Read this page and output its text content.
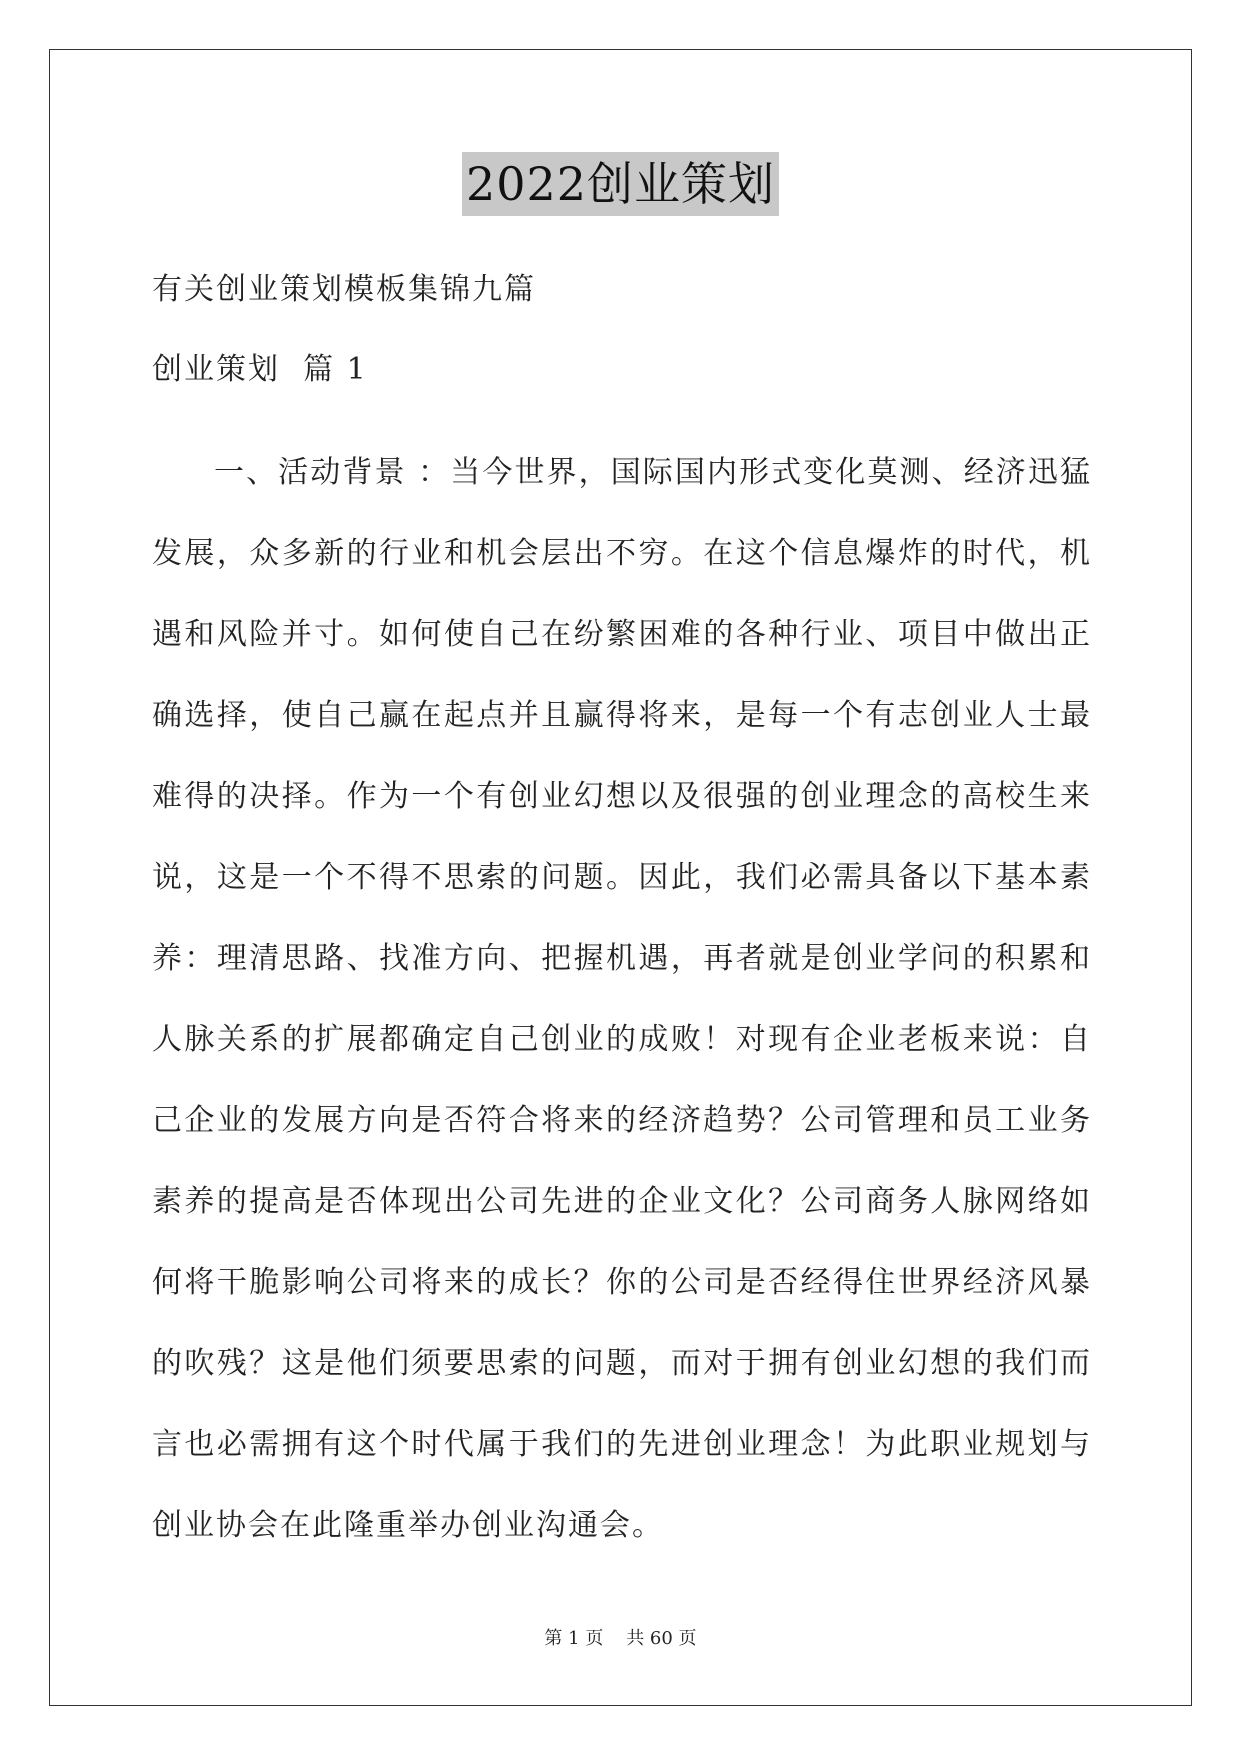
2022创业策划
有关创业策划模板集锦九篇
创业策划  篇 1

一、活动背景 ：当今世界，国际国内形式变化莫测、经济迅猛发展，众多新的行业和机会层出不穷。在这个信息爆炸的时代，机遇和风险并寸。如何使自己在纷繁困难的各种行业、项目中做出正确选择，使自己赢在起点并且赢得将来，是每一个有志创业人士最难得的决择。作为一个有创业幻想以及很强的创业理念的高校生来说，这是一个不得不思索的问题。因此，我们必需具备以下基本素养：理清思路、找准方向、把握机遇，再者就是创业学问的积累和人脉关系的扩展都确定自己创业的成败！对现有企业老板来说：自己企业的发展方向是否符合将来的经济趋势？公司管理和员工业务素养的提高是否体现出公司先进的企业文化？公司商务人脉网络如何将干脆影响公司将来的成长？你的公司是否经得住世界经济风暴的吹残？这是他们须要思索的问题，而对于拥有创业幻想的我们而言也必需拥有这个时代属于我们的先进创业理念！为此职业规划与创业协会在此隆重举办创业沟通会。

第 1 页    共 60 页
